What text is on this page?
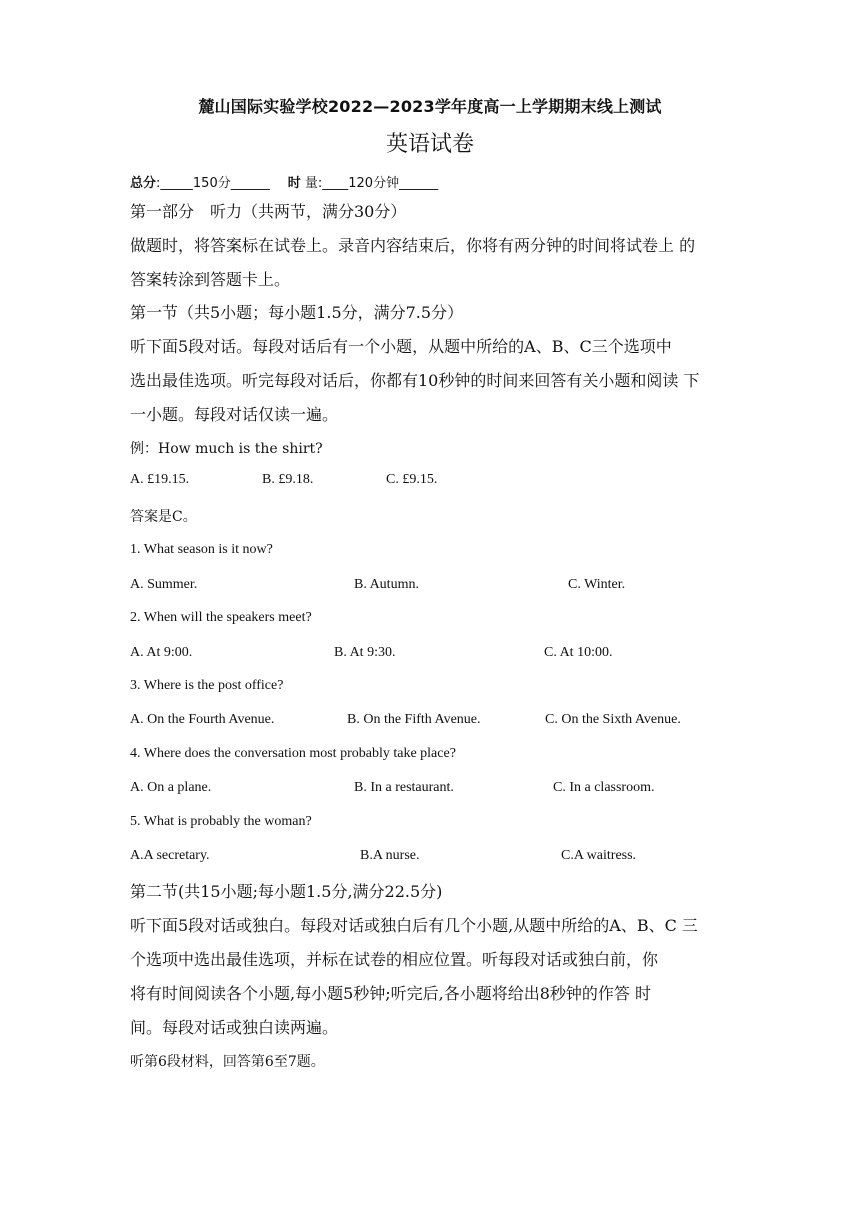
麓山国际实验学校2022—2023学年度高一上学期期末线上测试
英语试卷
总分:_____150分______ 时 量:____120分钟______
第一部分　听力（共两节，满分30分）
做题时，将答案标在试卷上。录音内容结束后，你将有两分钟的时间将试卷上 的
答案转涂到答题卡上。
第一节（共5小题；每小题1.5分，满分7.5分）
听下面5段对话。每段对话后有一个小题，从题中所给的A、B、C三个选项中
选出最佳选项。听完每段对话后，你都有10秒钟的时间来回答有关小题和阅读 下
一小题。每段对话仅读一遍。
例：How much is the shirt?
A. £19.15.	B. £9.18.	C. £9.15.
答案是C。
1. What season is it now?
A. Summer.	B. Autumn.	C. Winter.
2. When will the speakers meet?
A. At 9:00.	B. At 9:30.	C. At 10:00.
3. Where is the post office?
A. On the Fourth Avenue.	B. On the Fifth Avenue.	C. On the Sixth Avenue.
4. Where does the conversation most probably take place?
A. On a plane.	B. In a restaurant.	C. In a classroom.
5. What is probably the woman?
A.A secretary.	B.A nurse.	C.A waitress.
第二节(共15小题;每小题1.5分,满分22.5分)
听下面5段对话或独白。每段对话或独白后有几个小题,从题中所给的A、B、C 三
个选项中选出最佳选项，并标在试卷的相应位置。听每段对话或独白前，你
将有时间阅读各个小题,每小题5秒钟;听完后,各小题将给出8秒钟的作答 时
间。每段对话或独白读两遍。
听第6段材料，回答第6至7题。
